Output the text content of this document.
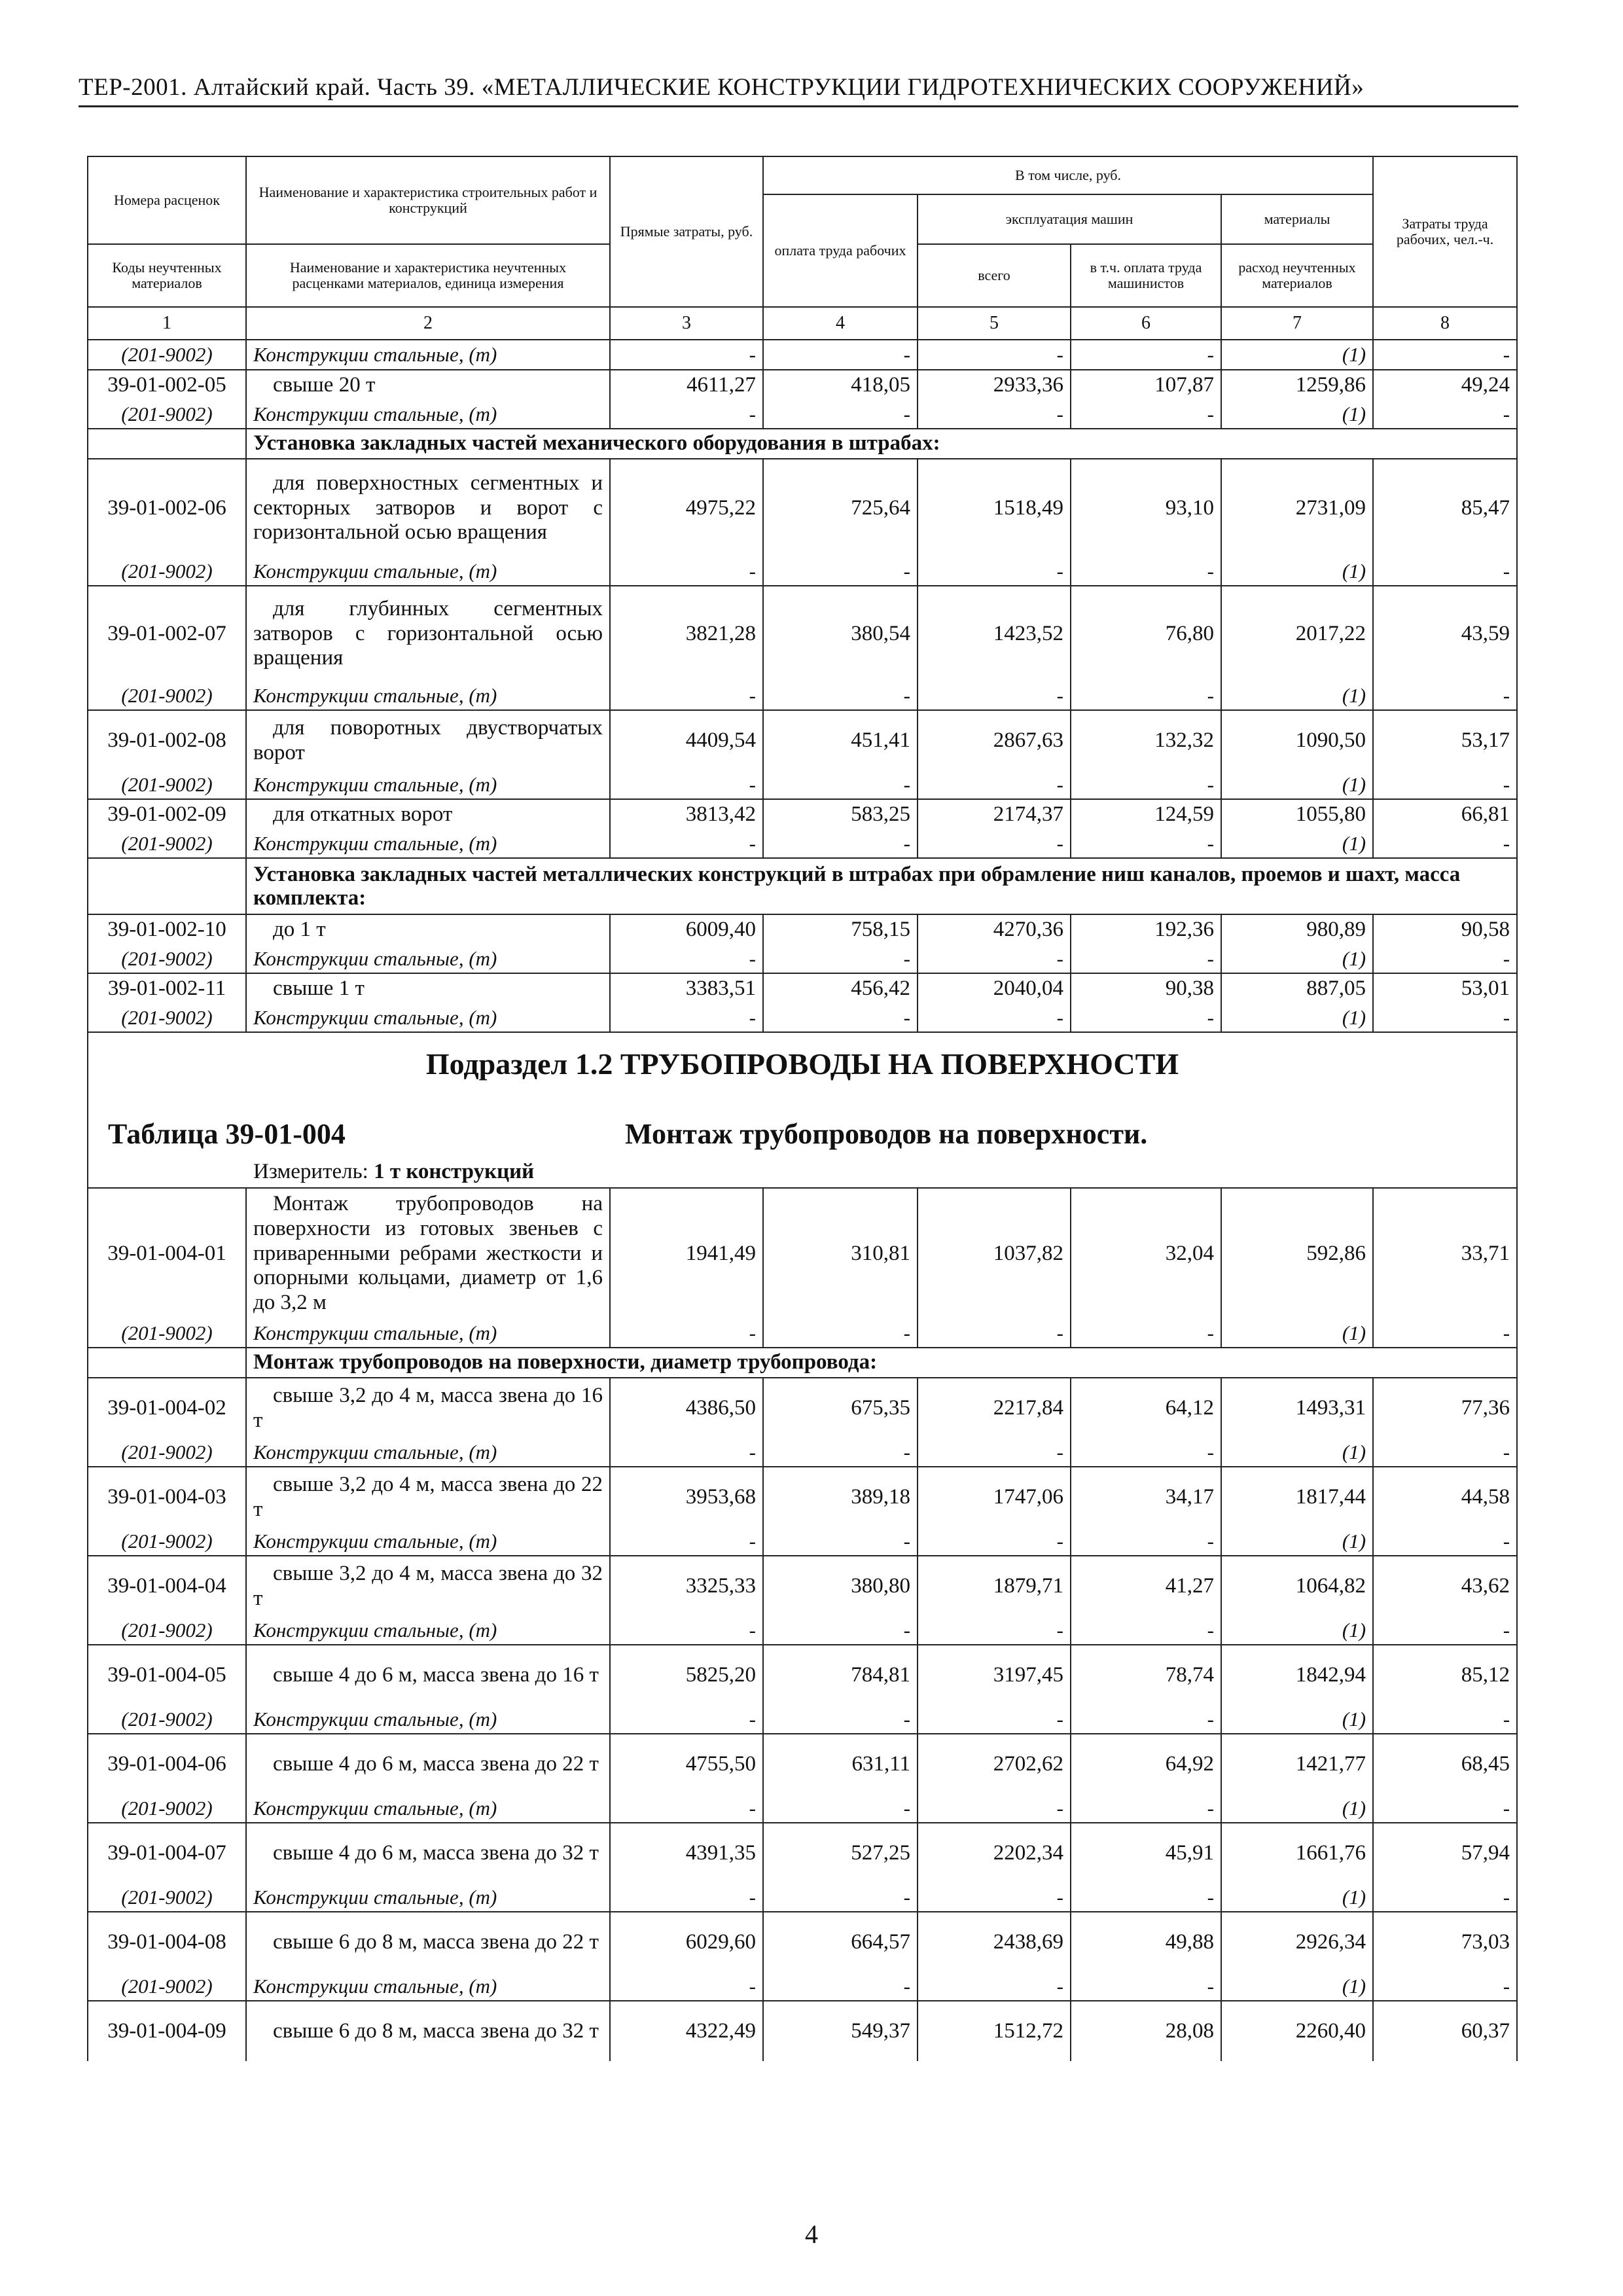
ТЕР-2001. Алтайский край. Часть 39. «МЕТАЛЛИЧЕСКИЕ КОНСТРУКЦИИ ГИДРОТЕХНИЧЕСКИХ СООРУЖЕНИЙ»
Номера расценок	Наименование и характеристика строительных работ и конструкций	Прямые затраты, руб.	В том числе, руб.				Затраты труда рабочих, чел.-ч.
			оплата труда рабочих	эксплуатация машин		материалы	
Коды неучтенных материалов	Наименование и характеристика неучтенных расценками материалов, единица измерения			всего	в т.ч. оплата труда машинистов	расход неучтенных материалов	
1	2	3	4	5	6	7	8
(201-9002)	Конструкции стальные, (т)	-	-	-	-	(1)	-
39-01-002-05	свыше 20 т	4611,27	418,05	2933,36	107,87	1259,86	49,24
(201-9002)	Конструкции стальные, (т)	-	-	-	-	(1)	-
	Установка закладных частей механического оборудования в штрабах:						
39-01-002-06	для поверхностных сегментных и секторных затворов и ворот с горизонтальной осью вращения	4975,22	725,64	1518,49	93,10	2731,09	85,47
(201-9002)	Конструкции стальные, (т)	-	-	-	-	(1)	-
39-01-002-07	для глубинных сегментных затворов с горизонтальной осью вращения	3821,28	380,54	1423,52	76,80	2017,22	43,59
(201-9002)	Конструкции стальные, (т)	-	-	-	-	(1)	-
39-01-002-08	для поворотных двустворчатых ворот	4409,54	451,41	2867,63	132,32	1090,50	53,17
(201-9002)	Конструкции стальные, (т)	-	-	-	-	(1)	-
39-01-002-09	для откатных ворот	3813,42	583,25	2174,37	124,59	1055,80	66,81
(201-9002)	Конструкции стальные, (т)	-	-	-	-	(1)	-
	Установка закладных частей металлических конструкций в штрабах при обрамление ниш каналов, проемов и шахт, масса комплекта:						
39-01-002-10	до 1 т	6009,40	758,15	4270,36	192,36	980,89	90,58
(201-9002)	Конструкции стальные, (т)	-	-	-	-	(1)	-
39-01-002-11	свыше 1 т	3383,51	456,42	2040,04	90,38	887,05	53,01
(201-9002)	Конструкции стальные, (т)	-	-	-	-	(1)	-

Подраздел 1.2 ТРУБОПРОВОДЫ НА ПОВЕРХНОСТИ
Таблица 39-01-004 Монтаж трубопроводов на поверхности.
Измеритель: 1 т конструкций							

39-01-004-01	Монтаж трубопроводов на поверхности из готовых звеньев с приваренными ребрами жесткости и опорными кольцами, диаметр от 1,6 до 3,2 м	1941,49	310,81	1037,82	32,04	592,86	33,71
(201-9002)	Конструкции стальные, (т)	-	-	-	-	(1)	-
	Монтаж трубопроводов на поверхности, диаметр трубопровода:						
39-01-004-02	свыше 3,2 до 4 м, масса звена до 16 т	4386,50	675,35	2217,84	64,12	1493,31	77,36
(201-9002)	Конструкции стальные, (т)	-	-	-	-	(1)	-
39-01-004-03	свыше 3,2 до 4 м, масса звена до 22 т	3953,68	389,18	1747,06	34,17	1817,44	44,58
(201-9002)	Конструкции стальные, (т)	-	-	-	-	(1)	-
39-01-004-04	свыше 3,2 до 4 м, масса звена до 32 т	3325,33	380,80	1879,71	41,27	1064,82	43,62
(201-9002)	Конструкции стальные, (т)	-	-	-	-	(1)	-
39-01-004-05	свыше 4 до 6 м, масса звена до 16 т	5825,20	784,81	3197,45	78,74	1842,94	85,12
(201-9002)	Конструкции стальные, (т)	-	-	-	-	(1)	-
39-01-004-06	свыше 4 до 6 м, масса звена до 22 т	4755,50	631,11	2702,62	64,92	1421,77	68,45
(201-9002)	Конструкции стальные, (т)	-	-	-	-	(1)	-
39-01-004-07	свыше 4 до 6 м, масса звена до 32 т	4391,35	527,25	2202,34	45,91	1661,76	57,94
(201-9002)	Конструкции стальные, (т)	-	-	-	-	(1)	-
39-01-004-08	свыше 6 до 8 м, масса звена до 22 т	6029,60	664,57	2438,69	49,88	2926,34	73,03
(201-9002)	Конструкции стальные, (т)	-	-	-	-	(1)	-
39-01-004-09	свыше 6 до 8 м, масса звена до 32 т	4322,49	549,37	1512,72	28,08	2260,40	60,37
4
